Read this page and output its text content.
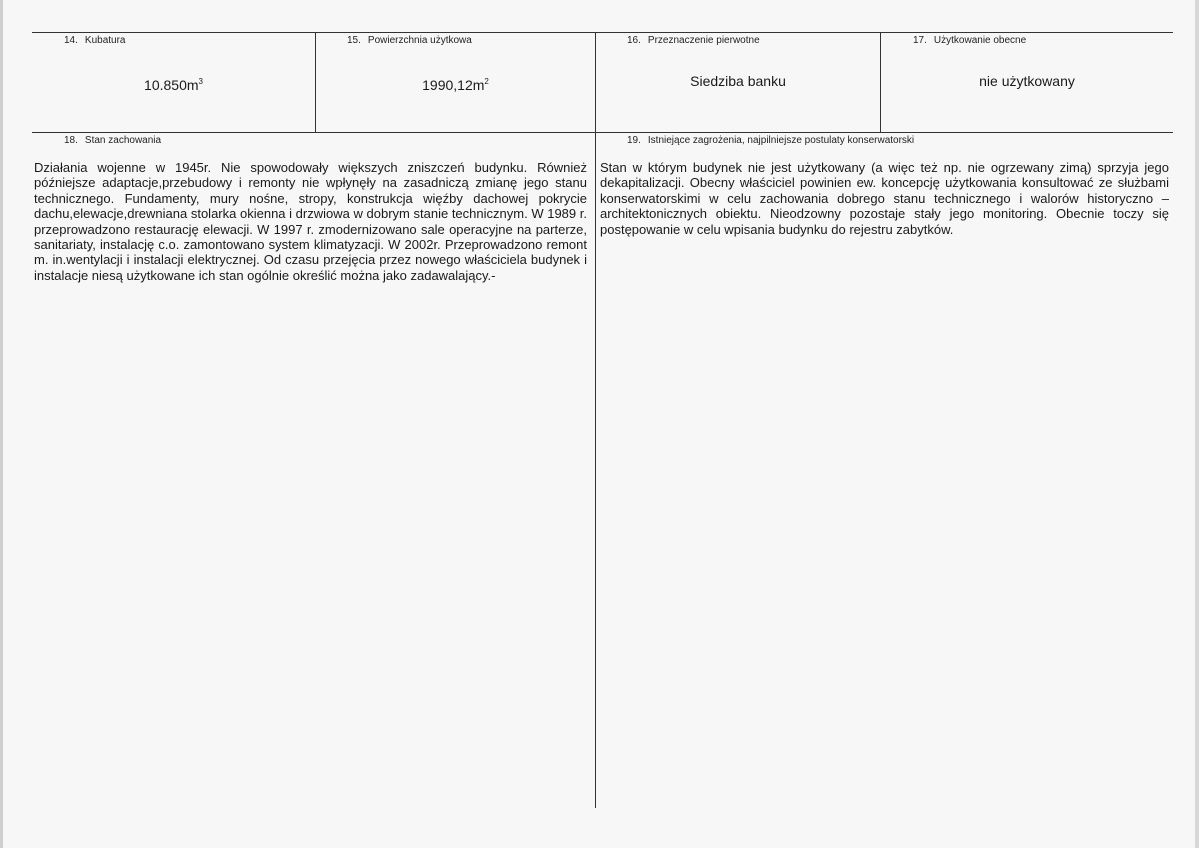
14. Kubatura
$10.850m^3$
15. Powierzchnia użytkowa
$1990,12m^2$
16. Przeznaczenie pierwotne
Siedziba banku
17. Użytkowanie obecne
nie użytkowany
18. Stan zachowania

Działania wojenne w 1945r. Nie spowodowały większych zniszczeń budynku. Również późniejsze adaptacje,przebudowy i remonty nie wpłynęły na zasadniczą zmianę jego stanu technicznego. Fundamenty, mury nośne, stropy, konstrukcja więźby dachowej pokrycie dachu,elewacje,drewniana stolarka okienna i drzwiowa w dobrym stanie technicznym. W 1989 r. przeprowadzono restaurację elewacji. W 1997 r. zmodernizowano sale operacyjne na parterze, sanitariaty, instalację c.o. zamontowano system klimatyzacji. W 2002r. Przeprowadzono remont m. in.wentylacji i instalacji elektrycznej. Od czasu przejęcia przez nowego właściciela budynek i instalacje niesą użytkowane ich stan ogólnie określić można jako zadawalający.-

19. Istniejące zagrożenia, najpilniejsze postulaty konserwatorski

Stan w którym budynek nie jest użytkowany (a więc też np. nie ogrzewany zimą) sprzyja jego dekapitalizacji. Obecny właściciel powinien ew. koncepcję użytkowania konsultować ze służbami konserwatorskimi w celu zachowania dobrego stanu technicznego i walorów historyczno – architektonicznych obiektu. Nieodzowny pozostaje stały jego monitoring. Obecnie toczy się postępowanie w celu wpisania budynku do rejestru zabytków.
